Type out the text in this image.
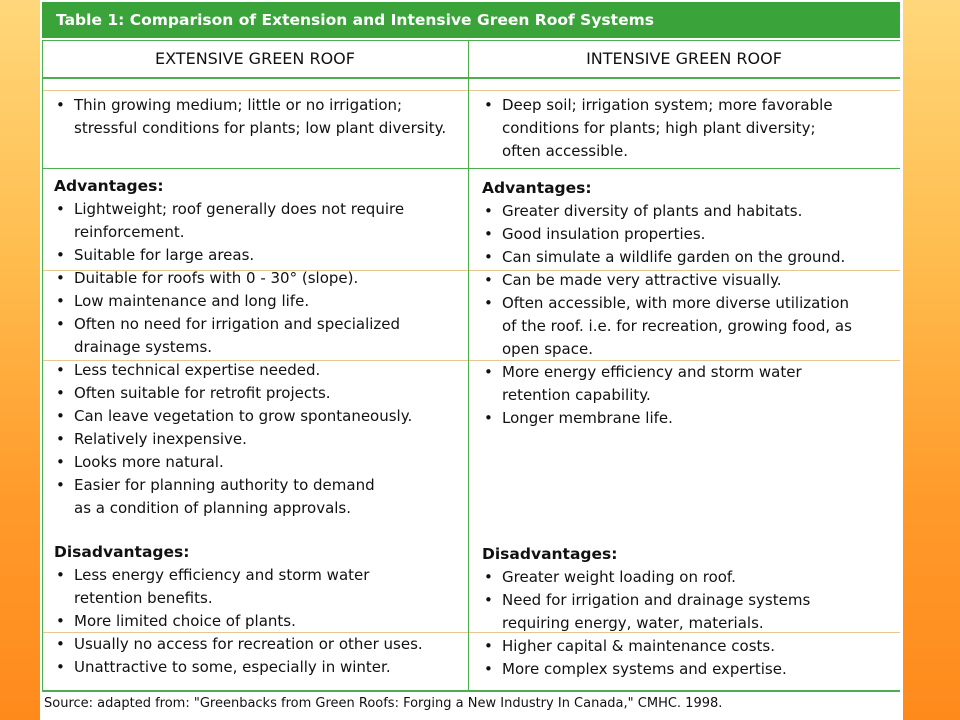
Table 1: Comparison of Extension and Intensive Green Roof Systems
EXTENSIVE GREEN ROOF	INTENSIVE GREEN ROOF
• Thin growing medium; little or no irrigation;
stressful conditions for plants; low plant diversity.
• Deep soil; irrigation system; more favorable
conditions for plants; high plant diversity;
often accessible.
Advantages:
• Lightweight; roof generally does not require
reinforcement.
• Suitable for large areas.
• Duitable for roofs with 0 - 30° (slope).
• Low maintenance and long life.
• Often no need for irrigation and specialized
drainage systems.
• Less technical expertise needed.
• Often suitable for retrofit projects.
• Can leave vegetation to grow spontaneously.
• Relatively inexpensive.
• Looks more natural.
• Easier for planning authority to demand
as a condition of planning approvals.
Advantages:
• Greater diversity of plants and habitats.
• Good insulation properties.
• Can simulate a wildlife garden on the ground.
• Can be made very attractive visually.
• Often accessible, with more diverse utilization
of the roof. i.e. for recreation, growing food, as
open space.
• More energy efficiency and storm water
retention capability.
• Longer membrane life.
Disadvantages:
• Less energy efficiency and storm water
retention benefits.
• More limited choice of plants.
• Usually no access for recreation or other uses.
• Unattractive to some, especially in winter.
Disadvantages:
• Greater weight loading on roof.
• Need for irrigation and drainage systems
requiring energy, water, materials.
• Higher capital & maintenance costs.
• More complex systems and expertise.
Source: adapted from: "Greenbacks from Green Roofs: Forging a New Industry In Canada," CMHC. 1998.
